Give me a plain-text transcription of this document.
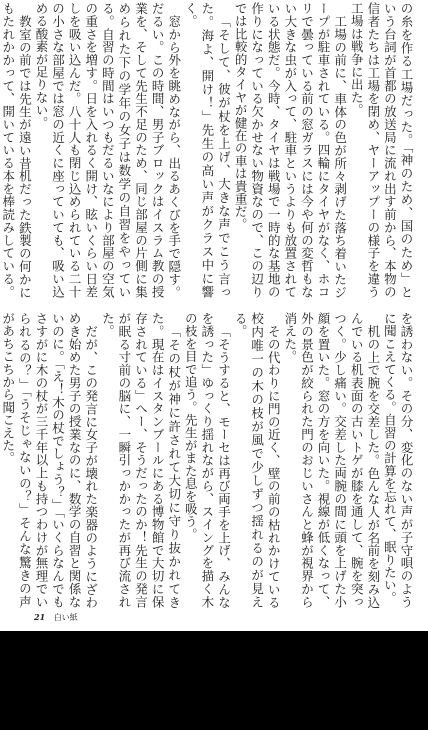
の糸を作る工場だった。「神のため、国のため」という台詞が首都の放送局に流れ出す前から、本物の信者たちは工場を閉め、ヤーアップーの様子を違う工場は戦争に出た。

工場の前に、車体の色が所々剥げた落ち着いたジープが駐車されている。四輪にタイヤがなく、ホコリで曇っている前の窓ガラスには今や何の変哲もない大きな虫が入って、駐車というよりも放置されている状態だ。今時、タイヤは戦場で一時的な基地の作りになっている欠かせない物資なので、この辺りでは比較的タイヤが健在の車は貴重だ。

「そして、彼が杖を上げ、大きな声でこう言った。海よ、開け！」先生の高い声がクラス中に響く。

窓から外を眺めながら、出るあくびを手で隠す。だるい。この時間、男子ブロックはイスラム教の授業を、そして先生不足のため、同じ部屋の片側に集められた下の学年の女子は数学の自習をやっている。自習の時間はいつもだるいなにより部屋の空気の重さを増す。日を入れるく開け、眩いくらい日差しを吸い込んだ。八十人も閉じ込められている二十の小さな部屋では窓の近くに座っていても、吸い込める酸素が足りない。

教室の前では先生が遠い昔机だった鉄製の何かにもたれかかって、開いている本を棒読みしている。

を誘わない。その分、変化のない声が子守唄のように聞こえてくる。自習の計算を忘れて、眠りたい。

机の上で腕を交差した。色んな人が名前を刻み込んでいる机表面の古いトゲが膝を通して、腕を突っつく。少し痛い。交差した両腕の間に頭を上げた小顔を置いた。窓の方を向いた。視線が低くなって、外の景色が絞られた門のおじいさんと蜂が視界から消えた。

その代わりに門の近く、壁の前の枯れかけている校内唯一の木の枝が風で少しずつ揺れるのが見える。

「そうすると、モーセは再び両手を上げ、みんなを誘った」ゆっくり揺れながら、スイングを描く木の枝を目で追う。先生がまた息を吸う。

「その杖が神に許されて大切に守り抜かれてきた。現在はイスタンブールにある博物館で大切に保存されている」へー、そうだったのか！先生の発言が眠る寸前の脳に、一瞬引っかかったが再び流された。

だが、この発言に女子が壊れた楽器のようにざわめき始めた男子の授業なのに、数学の自習と関係ないのに。「え！木の杖でしょう？」「いくらなんでもさすがに木の杖が三千年以上も持つわけが無理でいられるの？」「うそじゃないの？」そんな驚きの声があちこちから聞こえた。

21 白い紙
